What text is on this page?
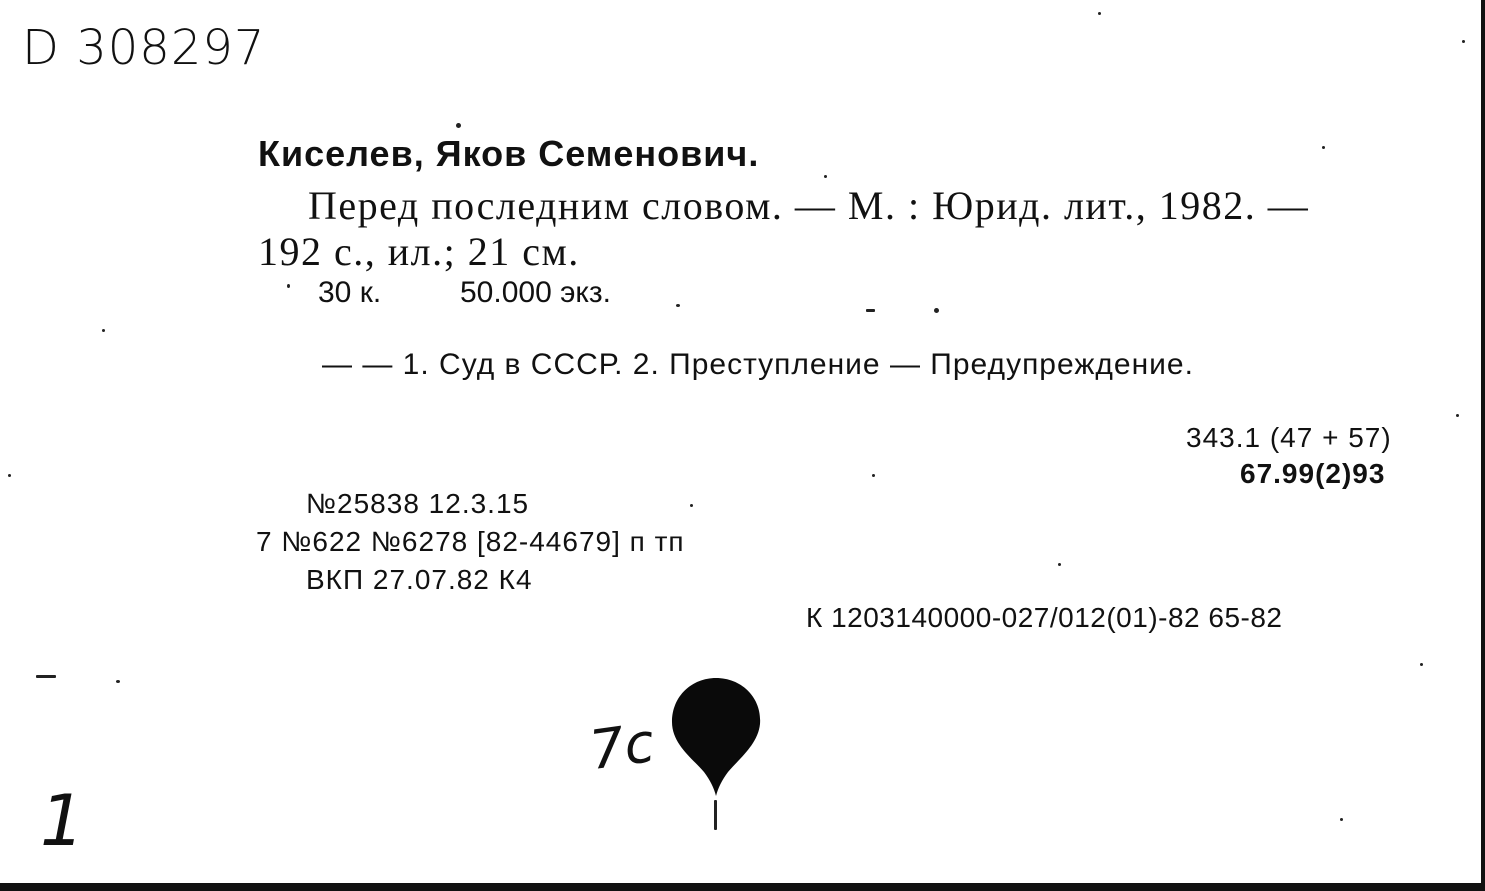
D 308297
Киселев, Яков Семенович.
Перед последним словом. — М. : Юрид. лит., 1982. —
192 с., ил.; 21 см.
30 к.	50.000 экз.
— — 1. Суд в СССР. 2. Преступление — Предупреждение.
343.1 (47 + 57)
67.99(2)93
№25838 12.3.15
7 №622 №6278 [82-44679] п тп
ВКП 27.07.82 К4
К 1203140000-027/012(01)-82 65-82
7с
1
